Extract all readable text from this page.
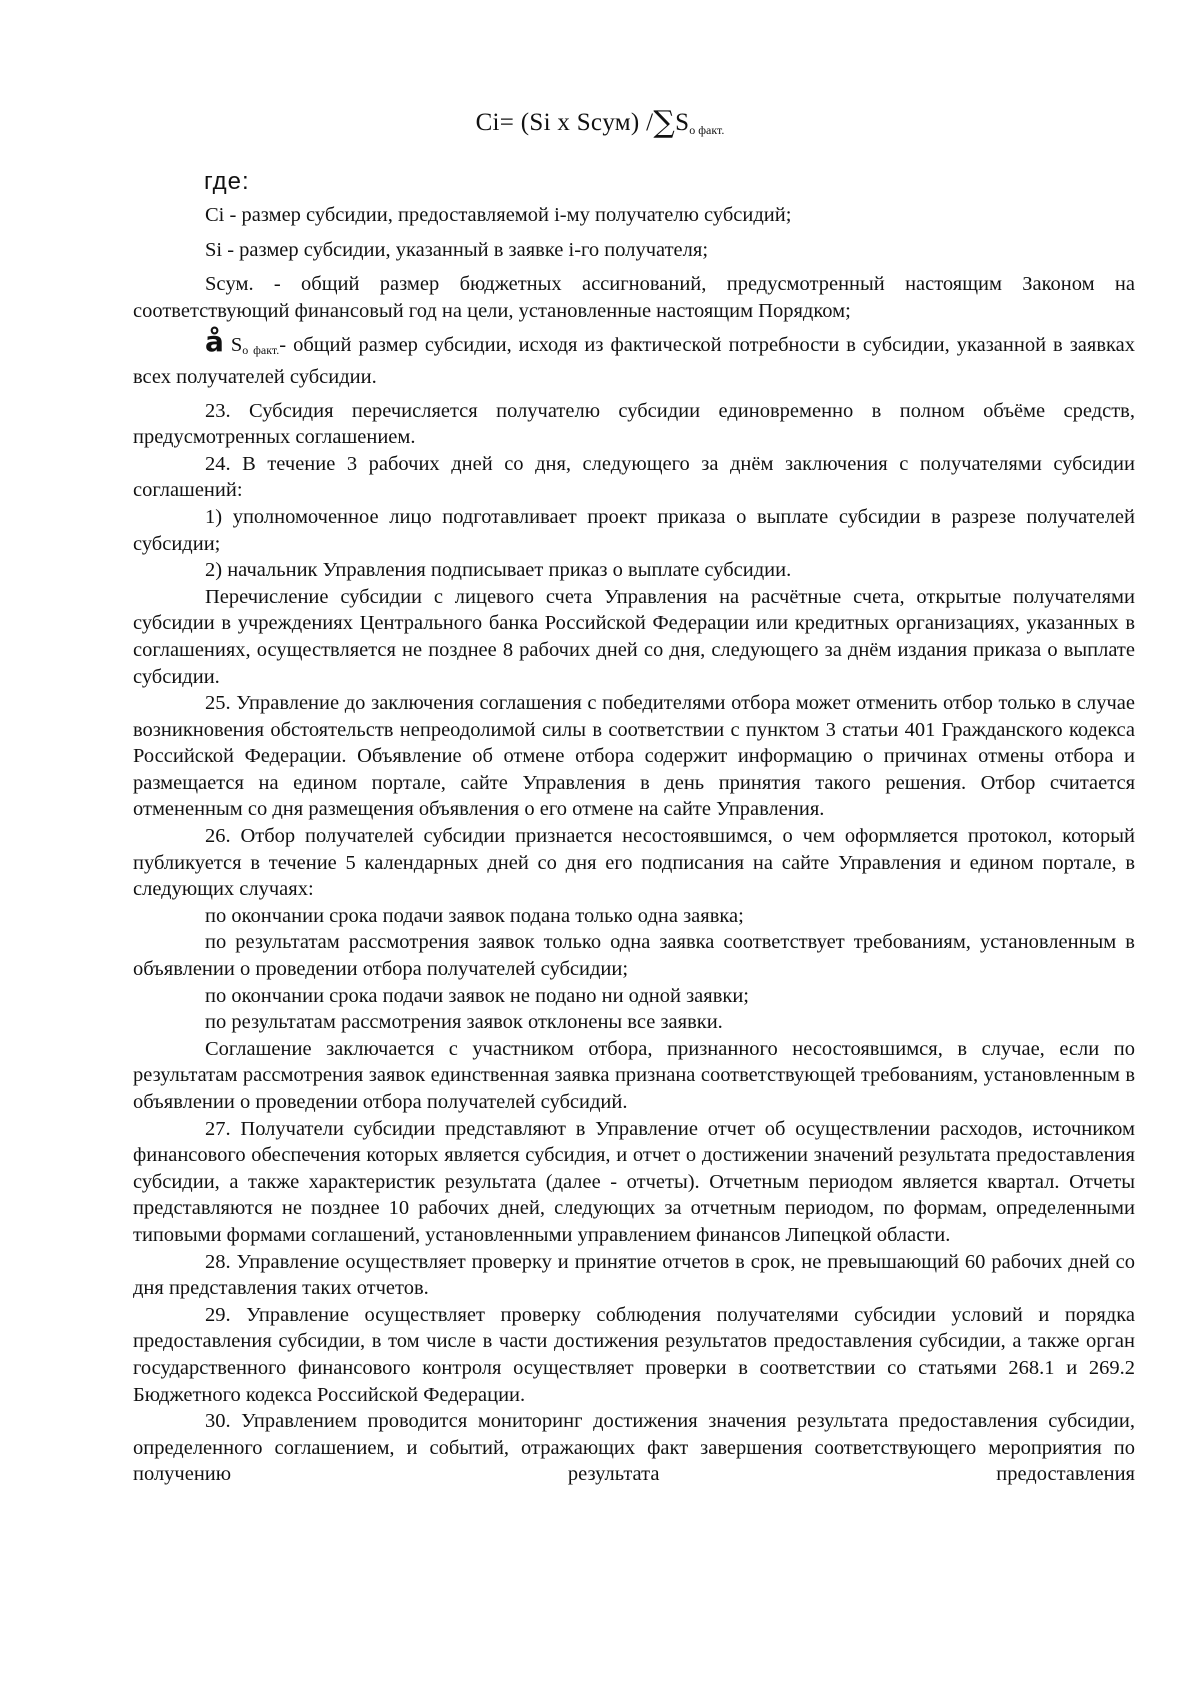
Ci= (Si x Scум) $/\sum S_{о факт.}$
где:

Ci - размер субсидии, предоставляемой i-му получателю субсидий;

Si - размер субсидии, указанный в заявке i-го получателя;

Scум. - общий размер бюджетных ассигнований, предусмотренный настоящим Законом на соответствующий финансовый год на цели, установленные настоящим Порядком;

å Sо факт.- общий размер субсидии, исходя из фактической потребности в субсидии, указанной в заявках всех получателей субсидии.

23. Субсидия перечисляется получателю субсидии единовременно в полном объёме средств, предусмотренных соглашением.

24. В течение 3 рабочих дней со дня, следующего за днём заключения с получателями субсидии соглашений:

1) уполномоченное лицо подготавливает проект приказа о выплате субсидии в разрезе получателей субсидии;

2) начальник Управления подписывает приказ о выплате субсидии.

Перечисление субсидии с лицевого счета Управления на расчётные счета, открытые получателями субсидии в учреждениях Центрального банка Российской Федерации или кредитных организациях, указанных в соглашениях, осуществляется не позднее 8 рабочих дней со дня, следующего за днём издания приказа о выплате субсидии.

25. Управление до заключения соглашения с победителями отбора может отменить отбор только в случае возникновения обстоятельств непреодолимой силы в соответствии с пунктом 3 статьи 401 Гражданского кодекса Российской Федерации. Объявление об отмене отбора содержит информацию о причинах отмены отбора и размещается на едином портале, сайте Управления в день принятия такого решения. Отбор считается отмененным со дня размещения объявления о его отмене на сайте Управления.

26. Отбор получателей субсидии признается несостоявшимся, о чем оформляется протокол, который публикуется в течение 5 календарных дней со дня его подписания на сайте Управления и едином портале, в следующих случаях:

по окончании срока подачи заявок подана только одна заявка;

по результатам рассмотрения заявок только одна заявка соответствует требованиям, установленным в объявлении о проведении отбора получателей субсидии;

по окончании срока подачи заявок не подано ни одной заявки;

по результатам рассмотрения заявок отклонены все заявки.

Соглашение заключается с участником отбора, признанного несостоявшимся, в случае, если по результатам рассмотрения заявок единственная заявка признана соответствующей требованиям, установленным в объявлении о проведении отбора получателей субсидий.

27. Получатели субсидии представляют в Управление отчет об осуществлении расходов, источником финансового обеспечения которых является субсидия, и отчет о достижении значений результата предоставления субсидии, а также характеристик результата (далее - отчеты). Отчетным периодом является квартал. Отчеты представляются не позднее 10 рабочих дней, следующих за отчетным периодом, по формам, определенными типовыми формами соглашений, установленными управлением финансов Липецкой области.

28. Управление осуществляет проверку и принятие отчетов в срок, не превышающий 60 рабочих дней со дня представления таких отчетов.

29. Управление осуществляет проверку соблюдения получателями субсидии условий и порядка предоставления субсидии, в том числе в части достижения результатов предоставления субсидии, а также орган государственного финансового контроля осуществляет проверки в соответствии со статьями 268.1 и 269.2 Бюджетного кодекса Российской Федерации.

30. Управлением проводится мониторинг достижения значения результата предоставления субсидии, определенного соглашением, и событий, отражающих факт завершения соответствующего мероприятия по получению результата предоставления
